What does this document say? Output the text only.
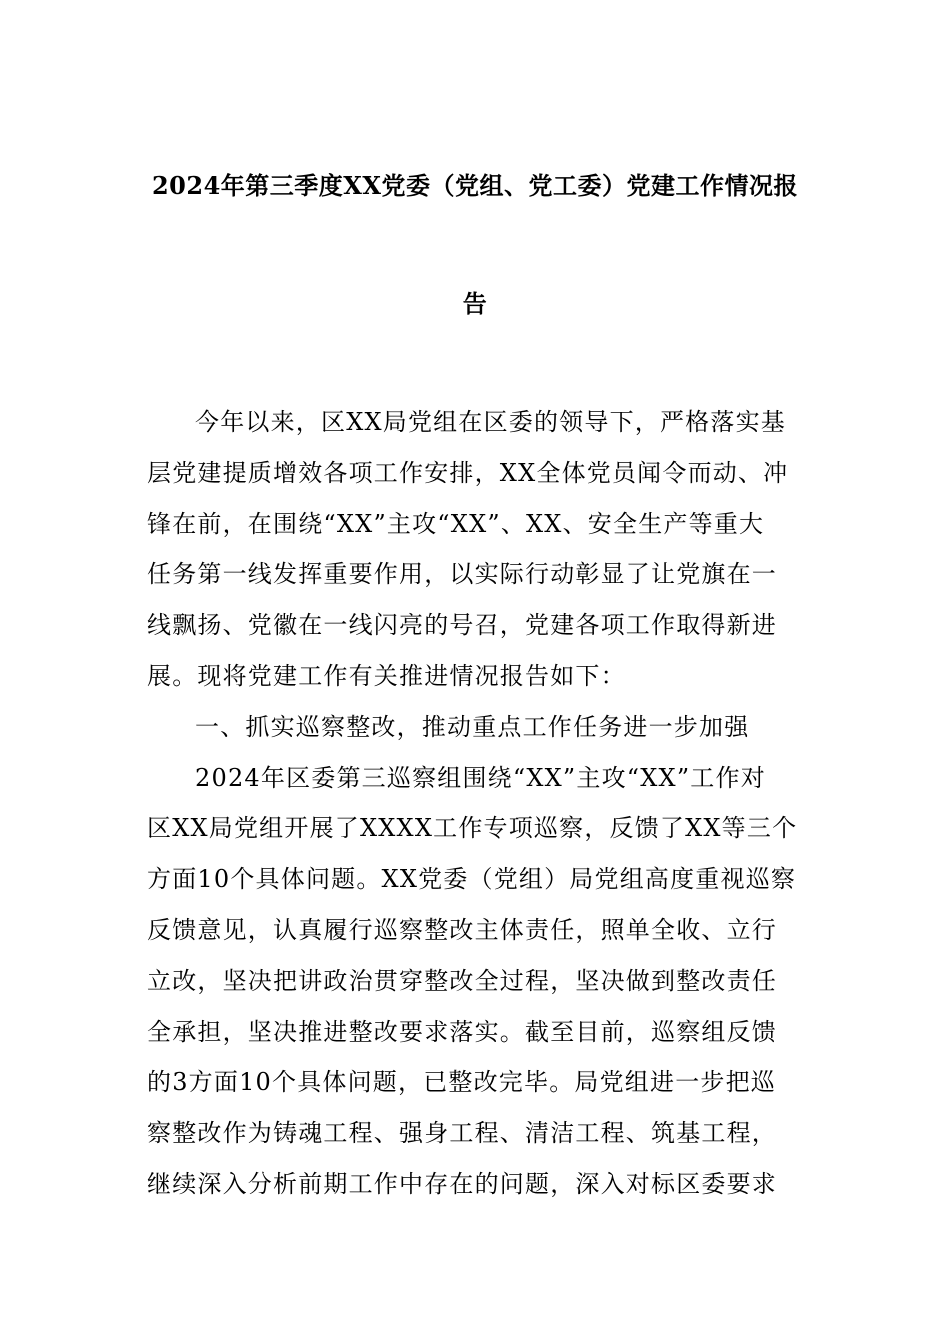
2024年第三季度XX党委（党组、党工委）党建工作情况报
告
今年以来，区XX局党组在区委的领导下，严格落实基
层党建提质增效各项工作安排，XX全体党员闻令而动、冲
锋在前，在围绕“XX”主攻“XX”、XX、安全生产等重大
任务第一线发挥重要作用，以实际行动彰显了让党旗在一
线飘扬、党徽在一线闪亮的号召，党建各项工作取得新进
展。现将党建工作有关推进情况报告如下：
一、抓实巡察整改，推动重点工作任务进一步加强
2024年区委第三巡察组围绕“XX”主攻“XX”工作对
区XX局党组开展了XXXX工作专项巡察，反馈了XX等三个
方面10个具体问题。XX党委（党组）局党组高度重视巡察
反馈意见，认真履行巡察整改主体责任，照单全收、立行
立改，坚决把讲政治贯穿整改全过程，坚决做到整改责任
全承担，坚决推进整改要求落实。截至目前，巡察组反馈
的3方面10个具体问题，已整改完毕。局党组进一步把巡
察整改作为铸魂工程、强身工程、清洁工程、筑基工程，
继续深入分析前期工作中存在的问题，深入对标区委要求
